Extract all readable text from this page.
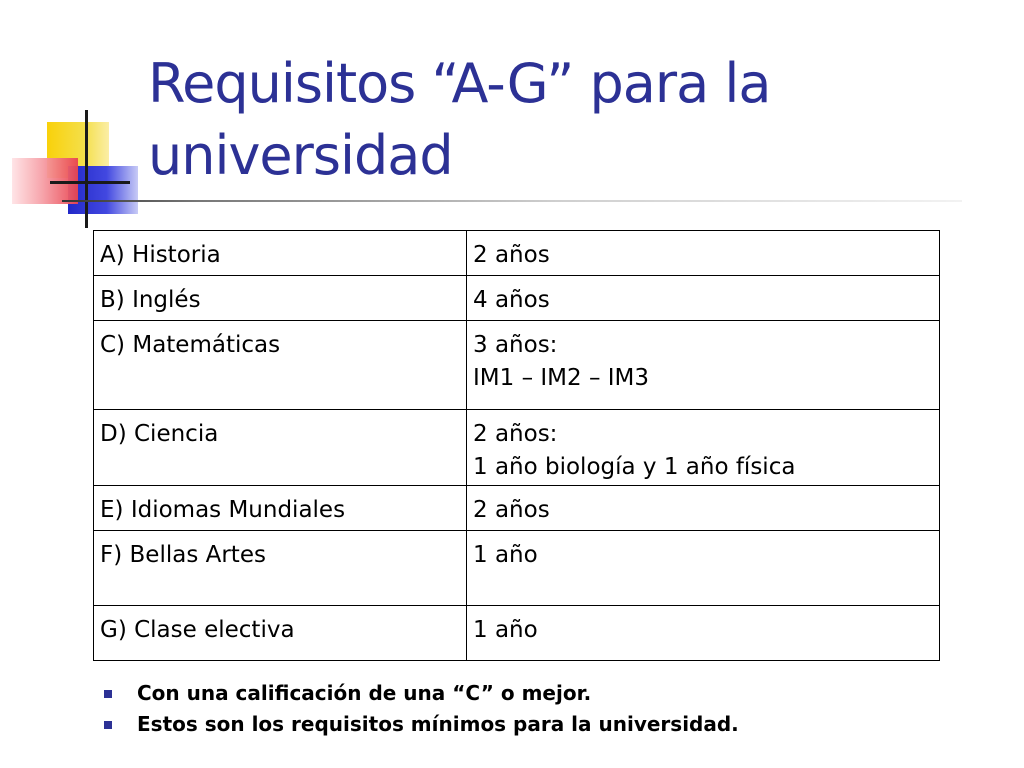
Requisitos “A-G” para la
universidad
A) Historia	2 años

B) Inglés	4 años

C) Matemáticas	3 años:
IM1 – IM2 – IM3

D) Ciencia	2 años:
1 año biología y 1 año física

E) Idiomas Mundiales	2 años

F) Bellas Artes	1 año

G) Clase electiva	1 año
Con una calificación de una “C” o mejor.
Estos son los requisitos mínimos para la universidad.
